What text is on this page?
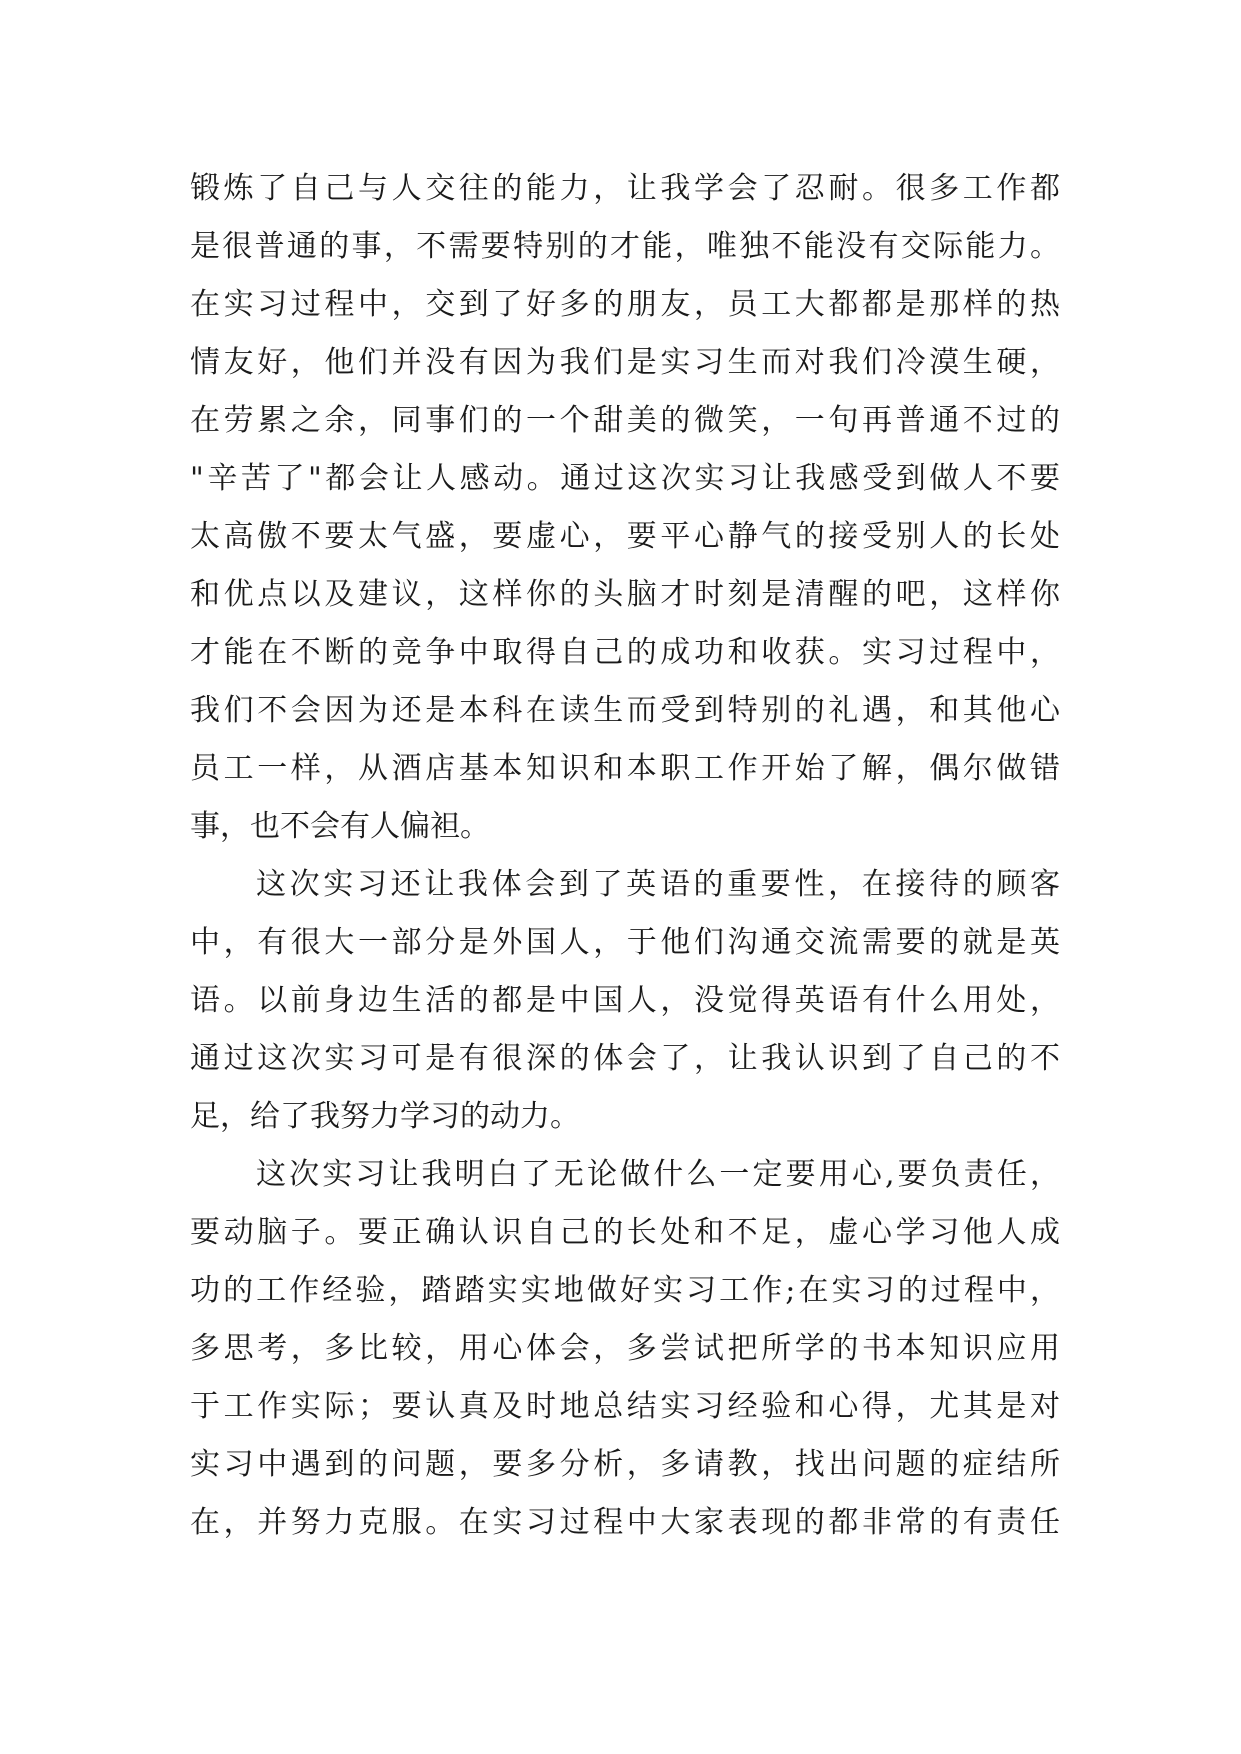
锻炼了自己与人交往的能力，让我学会了忍耐。很多工作都
是很普通的事，不需要特别的才能，唯独不能没有交际能力。
在实习过程中，交到了好多的朋友，员工大都都是那样的热
情友好，他们并没有因为我们是实习生而对我们冷漠生硬，
在劳累之余，同事们的一个甜美的微笑，一句再普通不过的
"辛苦了"都会让人感动。通过这次实习让我感受到做人不要
太高傲不要太气盛，要虚心，要平心静气的接受别人的长处
和优点以及建议，这样你的头脑才时刻是清醒的吧，这样你
才能在不断的竞争中取得自己的成功和收获。实习过程中，
我们不会因为还是本科在读生而受到特别的礼遇，和其他心
员工一样，从酒店基本知识和本职工作开始了解，偶尔做错
事，也不会有人偏袒。
这次实习还让我体会到了英语的重要性，在接待的顾客
中，有很大一部分是外国人，于他们沟通交流需要的就是英
语。以前身边生活的都是中国人，没觉得英语有什么用处，
通过这次实习可是有很深的体会了，让我认识到了自己的不
足，给了我努力学习的动力。
这次实习让我明白了无论做什么一定要用心,要负责任，
要动脑子。要正确认识自己的长处和不足，虚心学习他人成
功的工作经验，踏踏实实地做好实习工作;在实习的过程中，
多思考，多比较，用心体会，多尝试把所学的书本知识应用
于工作实际；要认真及时地总结实习经验和心得，尤其是对
实习中遇到的问题，要多分析，多请教，找出问题的症结所
在，并努力克服。在实习过程中大家表现的都非常的有责任
